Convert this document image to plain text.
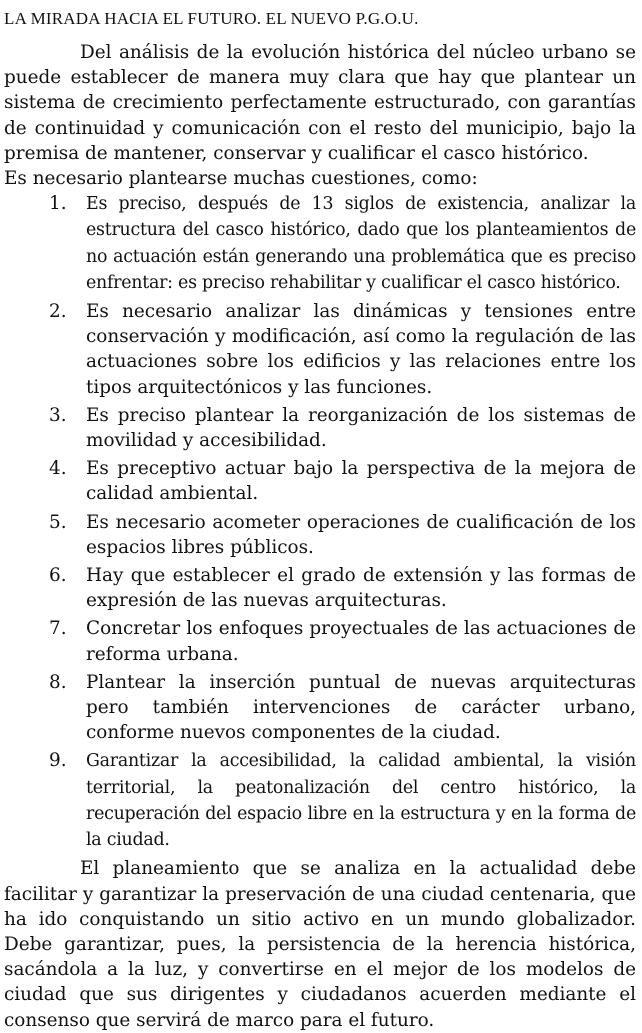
LA MIRADA HACIA EL FUTURO. EL NUEVO P.G.O.U.

Del análisis de la evolución histórica del núcleo urbano se puede establecer de manera muy clara que hay que plantear un sistema de crecimiento perfectamente estructurado, con garantías de continuidad y comunicación con el resto del municipio, bajo la premisa de mantener, conservar y cualificar el casco histórico.

Es necesario plantearse muchas cuestiones, como:

1. Es preciso, después de 13 siglos de existencia, analizar la estructura del casco histórico, dado que los planteamientos de no actuación están generando una problemática que es preciso enfrentar: es preciso rehabilitar y cualificar el casco histórico.
2. Es necesario analizar las dinámicas y tensiones entre conservación y modificación, así como la regulación de las actuaciones sobre los edificios y las relaciones entre los tipos arquitectónicos y las funciones.
3. Es preciso plantear la reorganización de los sistemas de movilidad y accesibilidad.
4. Es preceptivo actuar bajo la perspectiva de la mejora de calidad ambiental.
5. Es necesario acometer operaciones de cualificación de los espacios libres públicos.
6. Hay que establecer el grado de extensión y las formas de expresión de las nuevas arquitecturas.
7. Concretar los enfoques proyectuales de las actuaciones de reforma urbana.
8. Plantear la inserción puntual de nuevas arquitecturas pero también intervenciones de carácter urbano, conforme nuevos componentes de la ciudad.
9. Garantizar la accesibilidad, la calidad ambiental, la visión territorial, la peatonalización del centro histórico, la recuperación del espacio libre en la estructura y en la forma de la ciudad.

El planeamiento que se analiza en la actualidad debe facilitar y garantizar la preservación de una ciudad centenaria, que ha ido conquistando un sitio activo en un mundo globalizador. Debe garantizar, pues, la persistencia de la herencia histórica, sacándola a la luz, y convertirse en el mejor de los modelos de ciudad que sus dirigentes y ciudadanos acuerden mediante el consenso que servirá de marco para el futuro.
